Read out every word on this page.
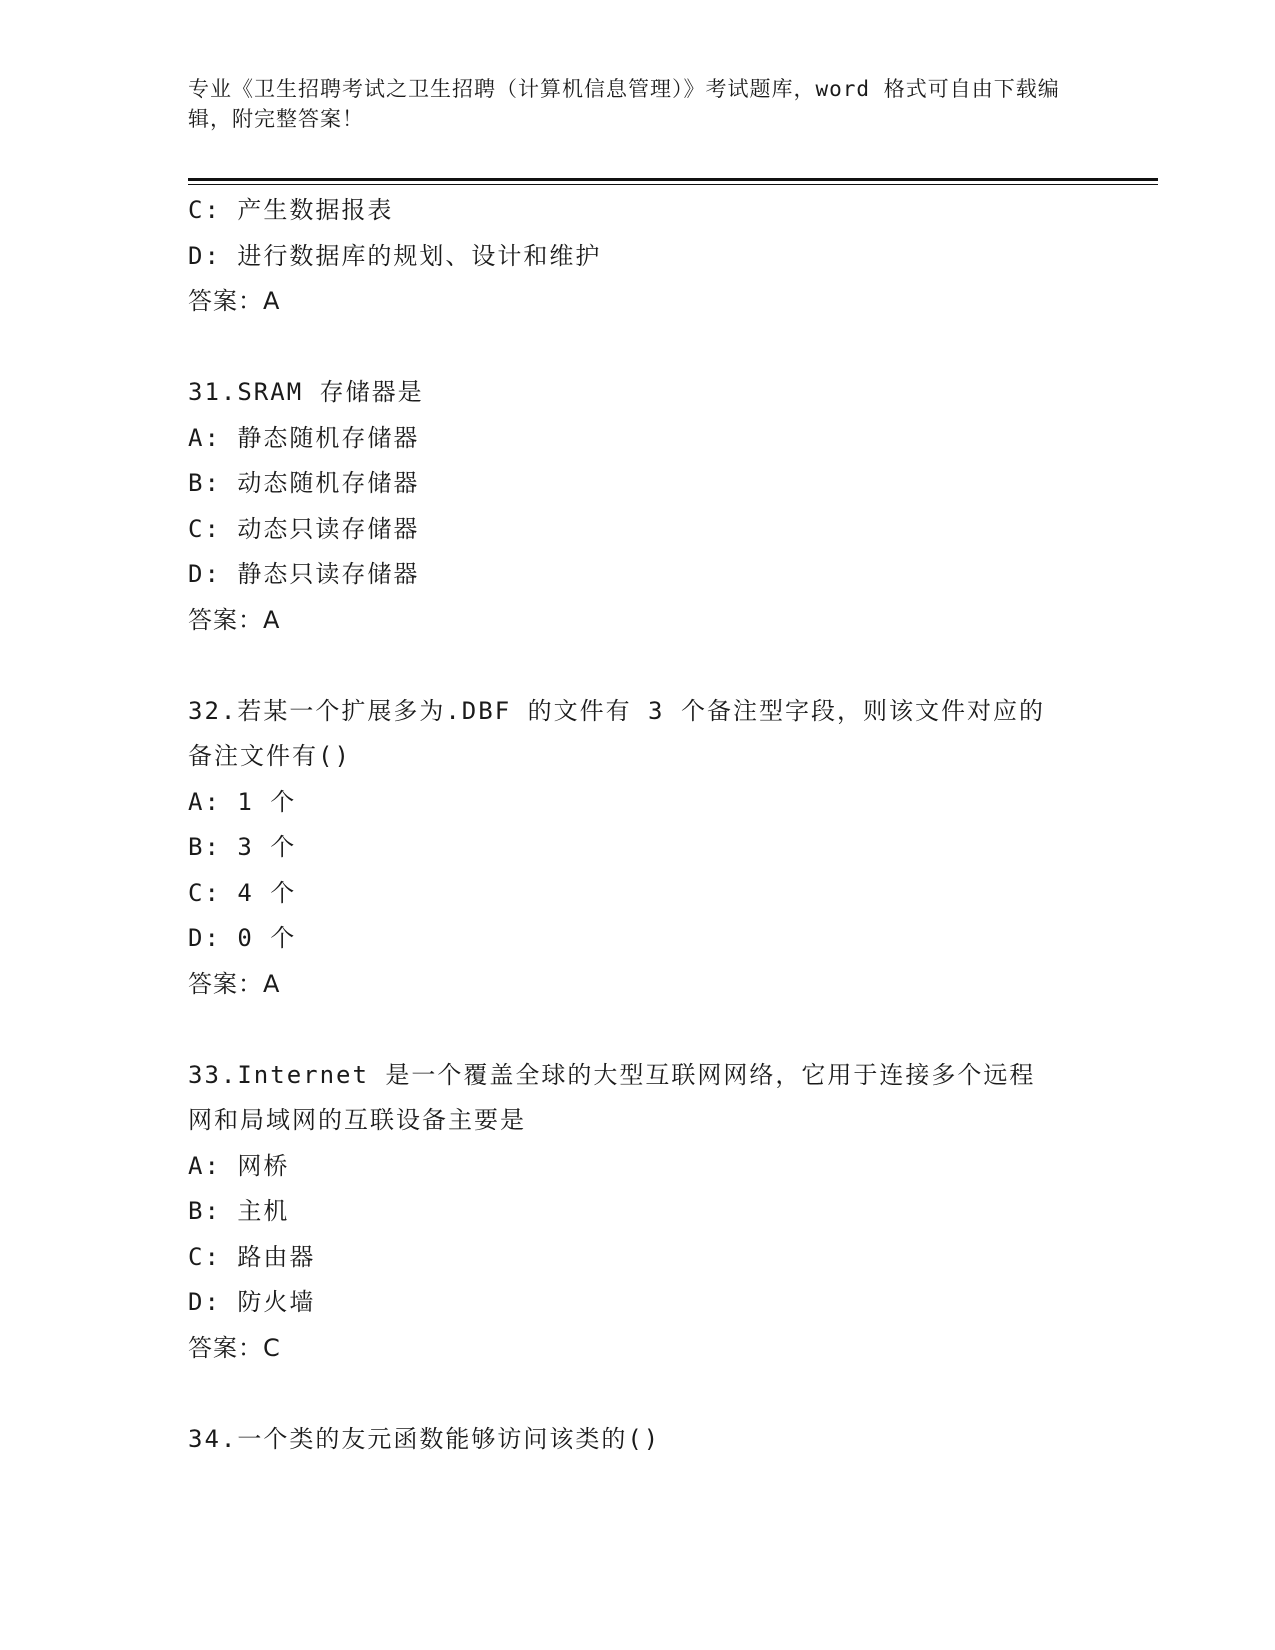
专业《卫生招聘考试之卫生招聘（计算机信息管理）》考试题库，word 格式可自由下载编辑，附完整答案！
C: 产生数据报表
D: 进行数据库的规划、设计和维护
答案：A
31.SRAM 存储器是
A: 静态随机存储器
B: 动态随机存储器
C: 动态只读存储器
D: 静态只读存储器
答案：A
32.若某一个扩展多为.DBF 的文件有 3 个备注型字段，则该文件对应的
备注文件有()
A: 1 个
B: 3 个
C: 4 个
D: 0 个
答案：A
33.Internet 是一个覆盖全球的大型互联网网络，它用于连接多个远程
网和局域网的互联设备主要是
A: 网桥
B: 主机
C: 路由器
D: 防火墙
答案：C
34.一个类的友元函数能够访问该类的()
